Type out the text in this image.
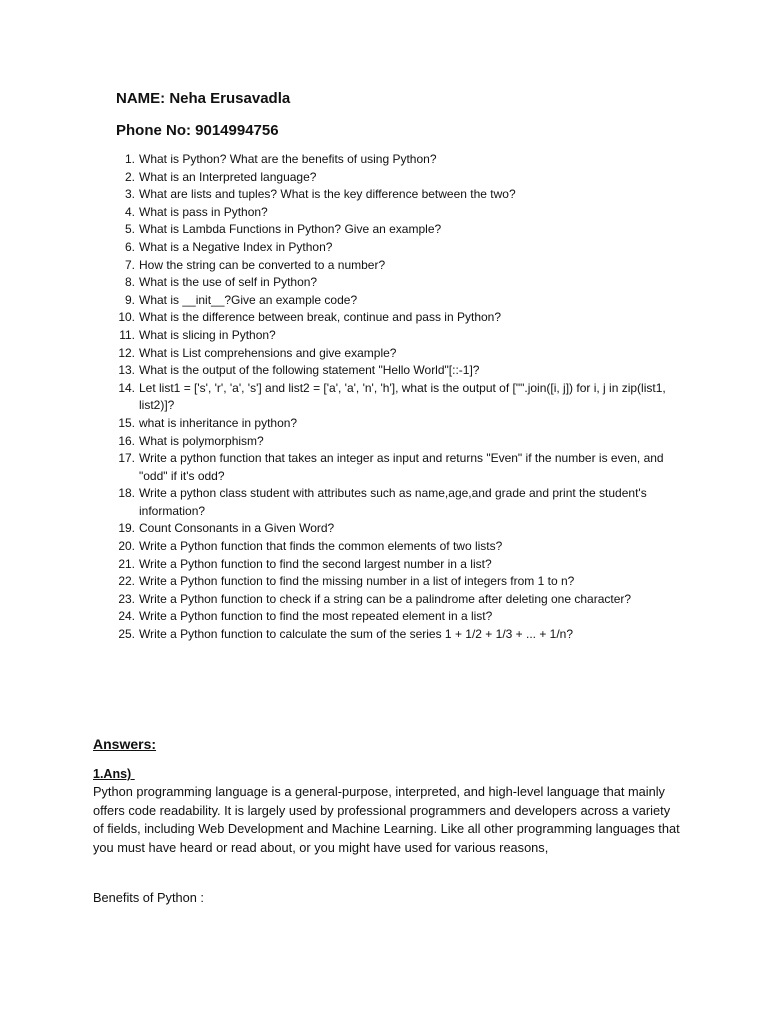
NAME: Neha Erusavadla
Phone No: 9014994756
1. What is Python? What are the benefits of using Python?
2. What is an Interpreted language?
3. What are lists and tuples? What is the key difference between the two?
4. What is pass in Python?
5. What is Lambda Functions in Python? Give an example?
6. What is a Negative Index in Python?
7. How the string can be converted to a number?
8. What is the use of self in Python?
9. What is __init__?Give an example code?
10. What is the difference between break, continue and pass in Python?
11. What is slicing in Python?
12. What is List comprehensions and give example?
13. What is the output of the following statement "Hello World"[::-1]?
14. Let list1 = ['s', 'r', 'a', 's'] and list2 = ['a', 'a', 'n', 'h'], what is the output of ["".join([i, j]) for i, j in zip(list1, list2)]?
15. what is inheritance in python?
16. What is polymorphism?
17. Write a python function that takes an integer as input and returns "Even" if the number is even, and "odd" if it's odd?
18. Write a python class student with attributes such as name,age,and grade and print the student's information?
19. Count Consonants in a Given Word?
20. Write a Python function that finds the common elements of two lists?
21. Write a Python function to find the second largest number in a list?
22. Write a Python function to find the missing number in a list of integers from 1 to n?
23. Write a Python function to check if a string can be a palindrome after deleting one character?
24. Write a Python function to find the most repeated element in a list?
25. Write a Python function to calculate the sum of the series 1 + 1/2 + 1/3 + ... + 1/n?
Answers:
1.Ans)

Python programming language is a general-purpose, interpreted, and high-level language that mainly offers code readability. It is largely used by professional programmers and developers across a variety of fields, including Web Development and Machine Learning. Like all other programming languages that you must have heard or read about, or you might have used for various reasons,

Benefits of Python :
